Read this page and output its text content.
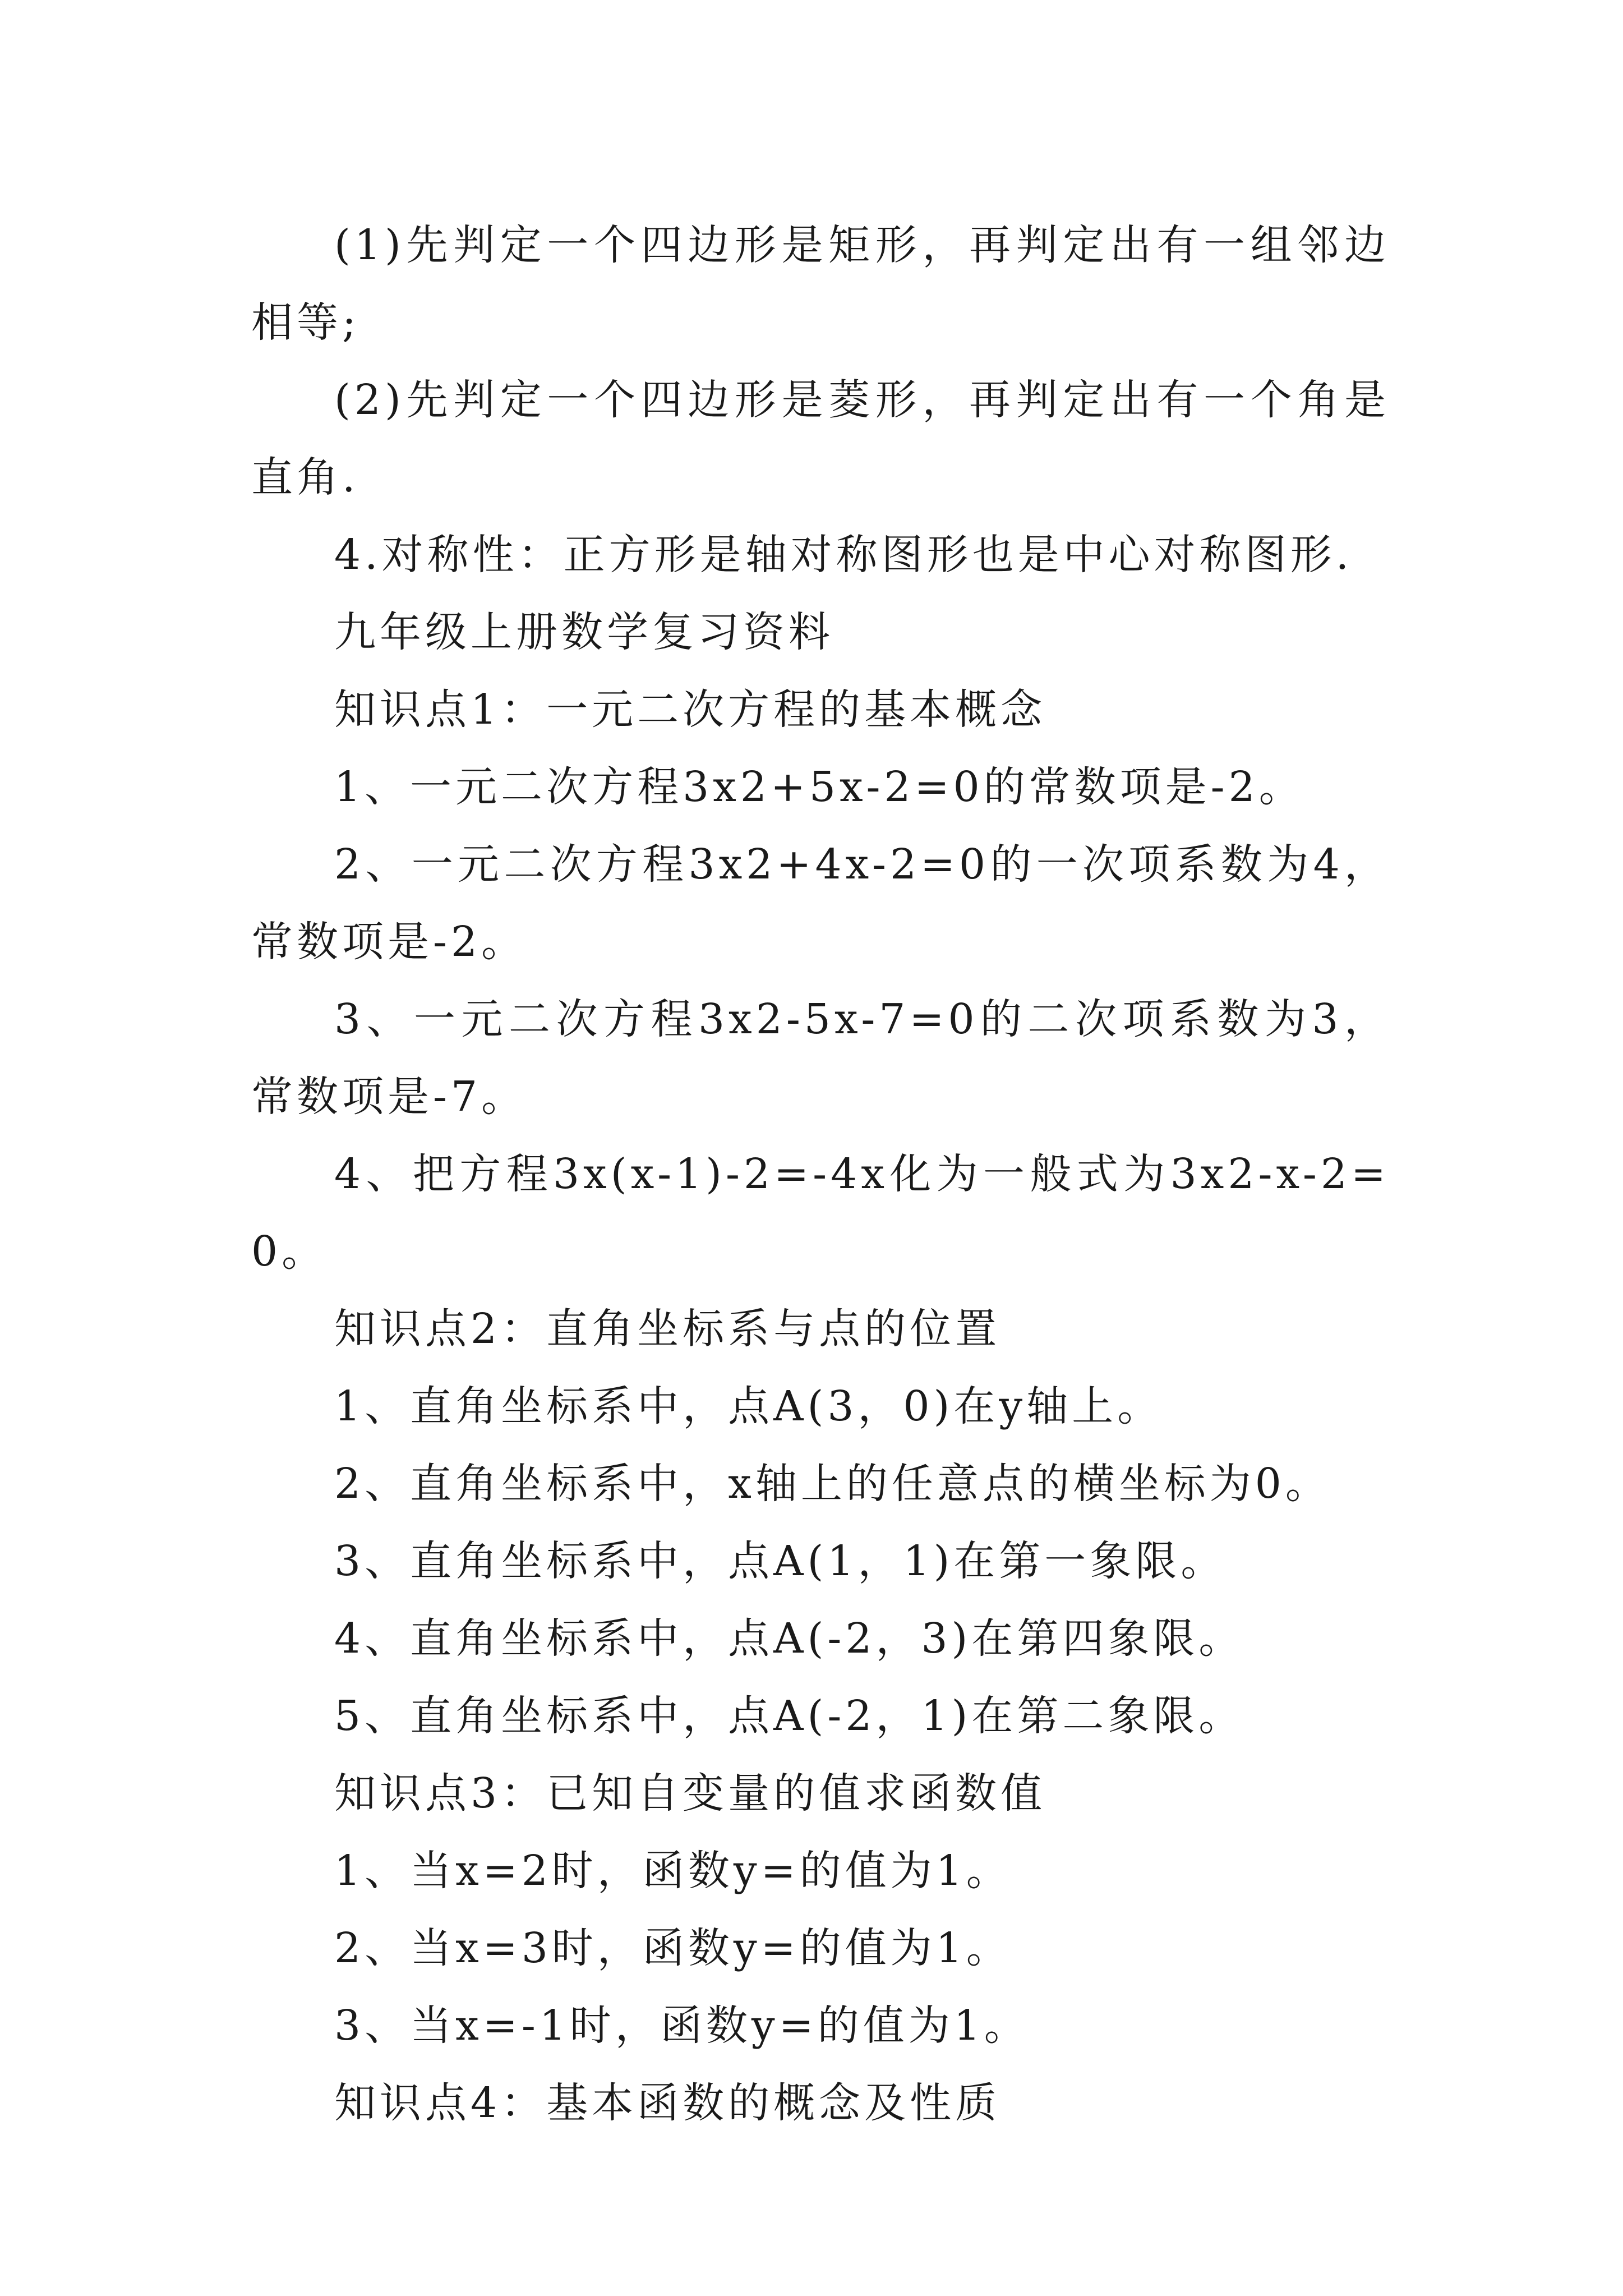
(1)先判定一个四边形是矩形，再判定出有一组邻边相等;

(2)先判定一个四边形是菱形，再判定出有一个角是直角.

4.对称性：正方形是轴对称图形也是中心对称图形.

九年级上册数学复习资料

知识点1：一元二次方程的基本概念

1、一元二次方程3x2+5x-2=0的常数项是-2。

2、一元二次方程3x2+4x-2=0的一次项系数为4，常数项是-2。

3、一元二次方程3x2-5x-7=0的二次项系数为3，常数项是-7。

4、把方程3x(x-1)-2=-4x化为一般式为3x2-x-2=0。

知识点2：直角坐标系与点的位置

1、直角坐标系中，点A(3，0)在y轴上。

2、直角坐标系中，x轴上的任意点的横坐标为0。

3、直角坐标系中，点A(1，1)在第一象限。

4、直角坐标系中，点A(-2，3)在第四象限。

5、直角坐标系中，点A(-2，1)在第二象限。

知识点3：已知自变量的值求函数值

1、当x=2时，函数y=的值为1。

2、当x=3时，函数y=的值为1。

3、当x=-1时，函数y=的值为1。

知识点4：基本函数的概念及性质
